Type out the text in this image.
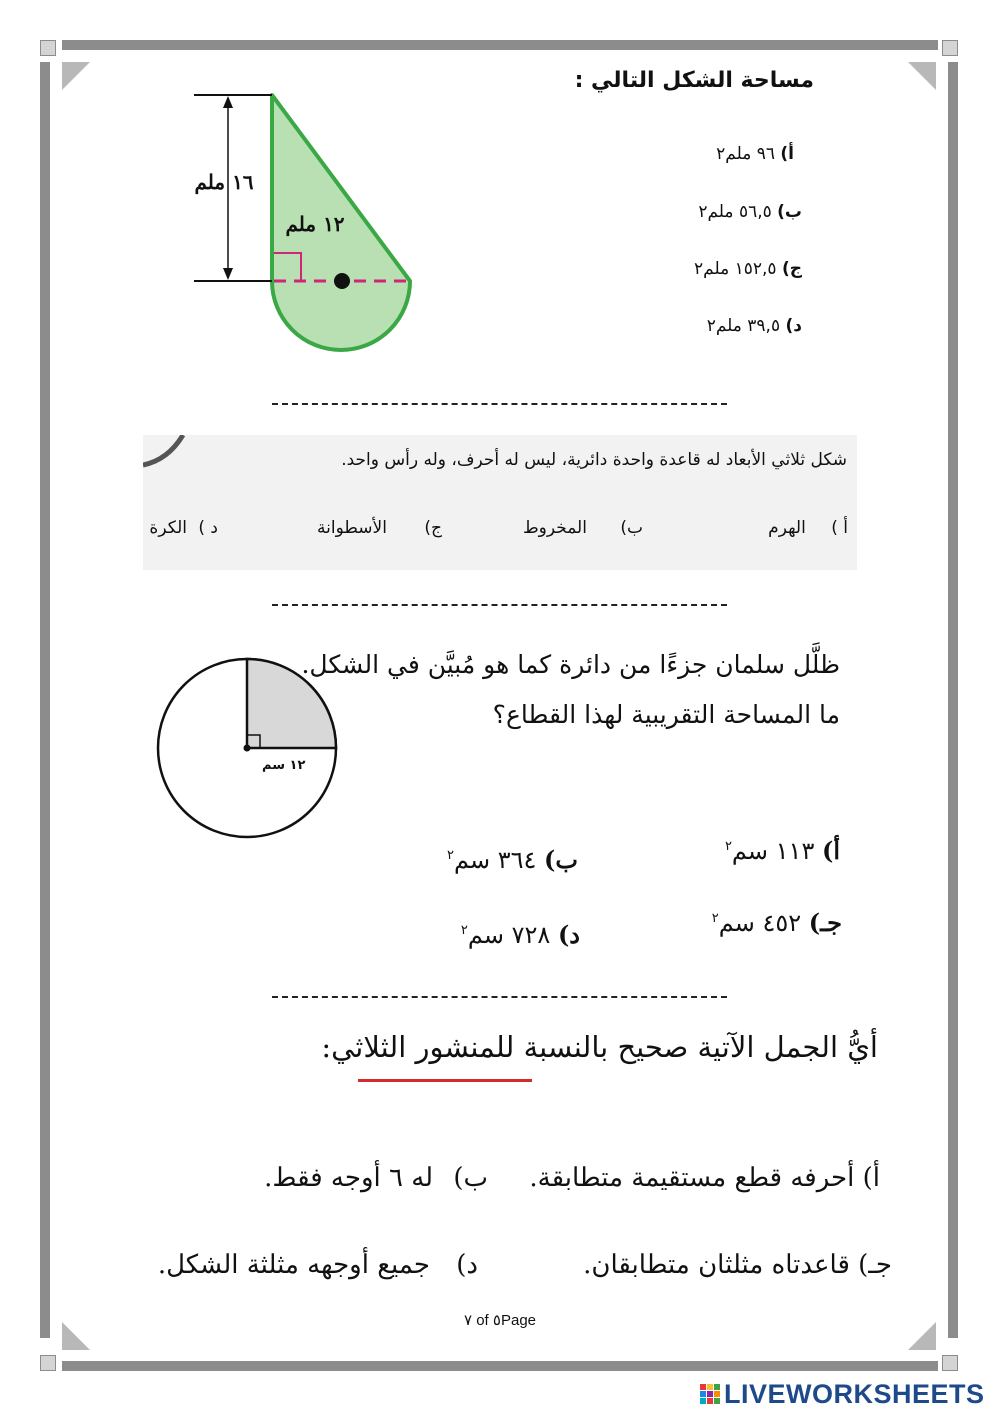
مساحة الشكل التالي :
أ) ٩٦ ملم٢
ب) ٥٦,٥ ملم٢
ج) ١٥٢,٥ ملم٢
د) ٣٩,٥ ملم٢
١٦ ملم
١٢ ملم
شكل ثلاثي الأبعاد له قاعدة واحدة دائرية، ليس له أحرف، وله رأس واحد.
أ ) الهرم
ب) المخروط
ج) الأسطوانة
د ) الكرة
١٢ سم
ظلَّل سلمان جزءًا من دائرة كما هو مُبيَّن في الشكل.
ما المساحة التقريبية لهذا القطاع؟
أ) ١١٣ سم$^٢$
ب) ٣٦٤ سم$^٢$
جـ) ٤٥٢ سم$^٢$
د) ٧٢٨ سم$^٢$
أيُّ الجمل الآتية صحيح بالنسبة للمنشور الثلاثي:
أ) أحرفه قطع مستقيمة متطابقة.
ب) له ٦ أوجه فقط.
جـ) قاعدتاه مثلثان متطابقان.
د) جميع أوجهه مثلثة الشكل.
٧ of ٥Page
LIVEWORKSHEETS
